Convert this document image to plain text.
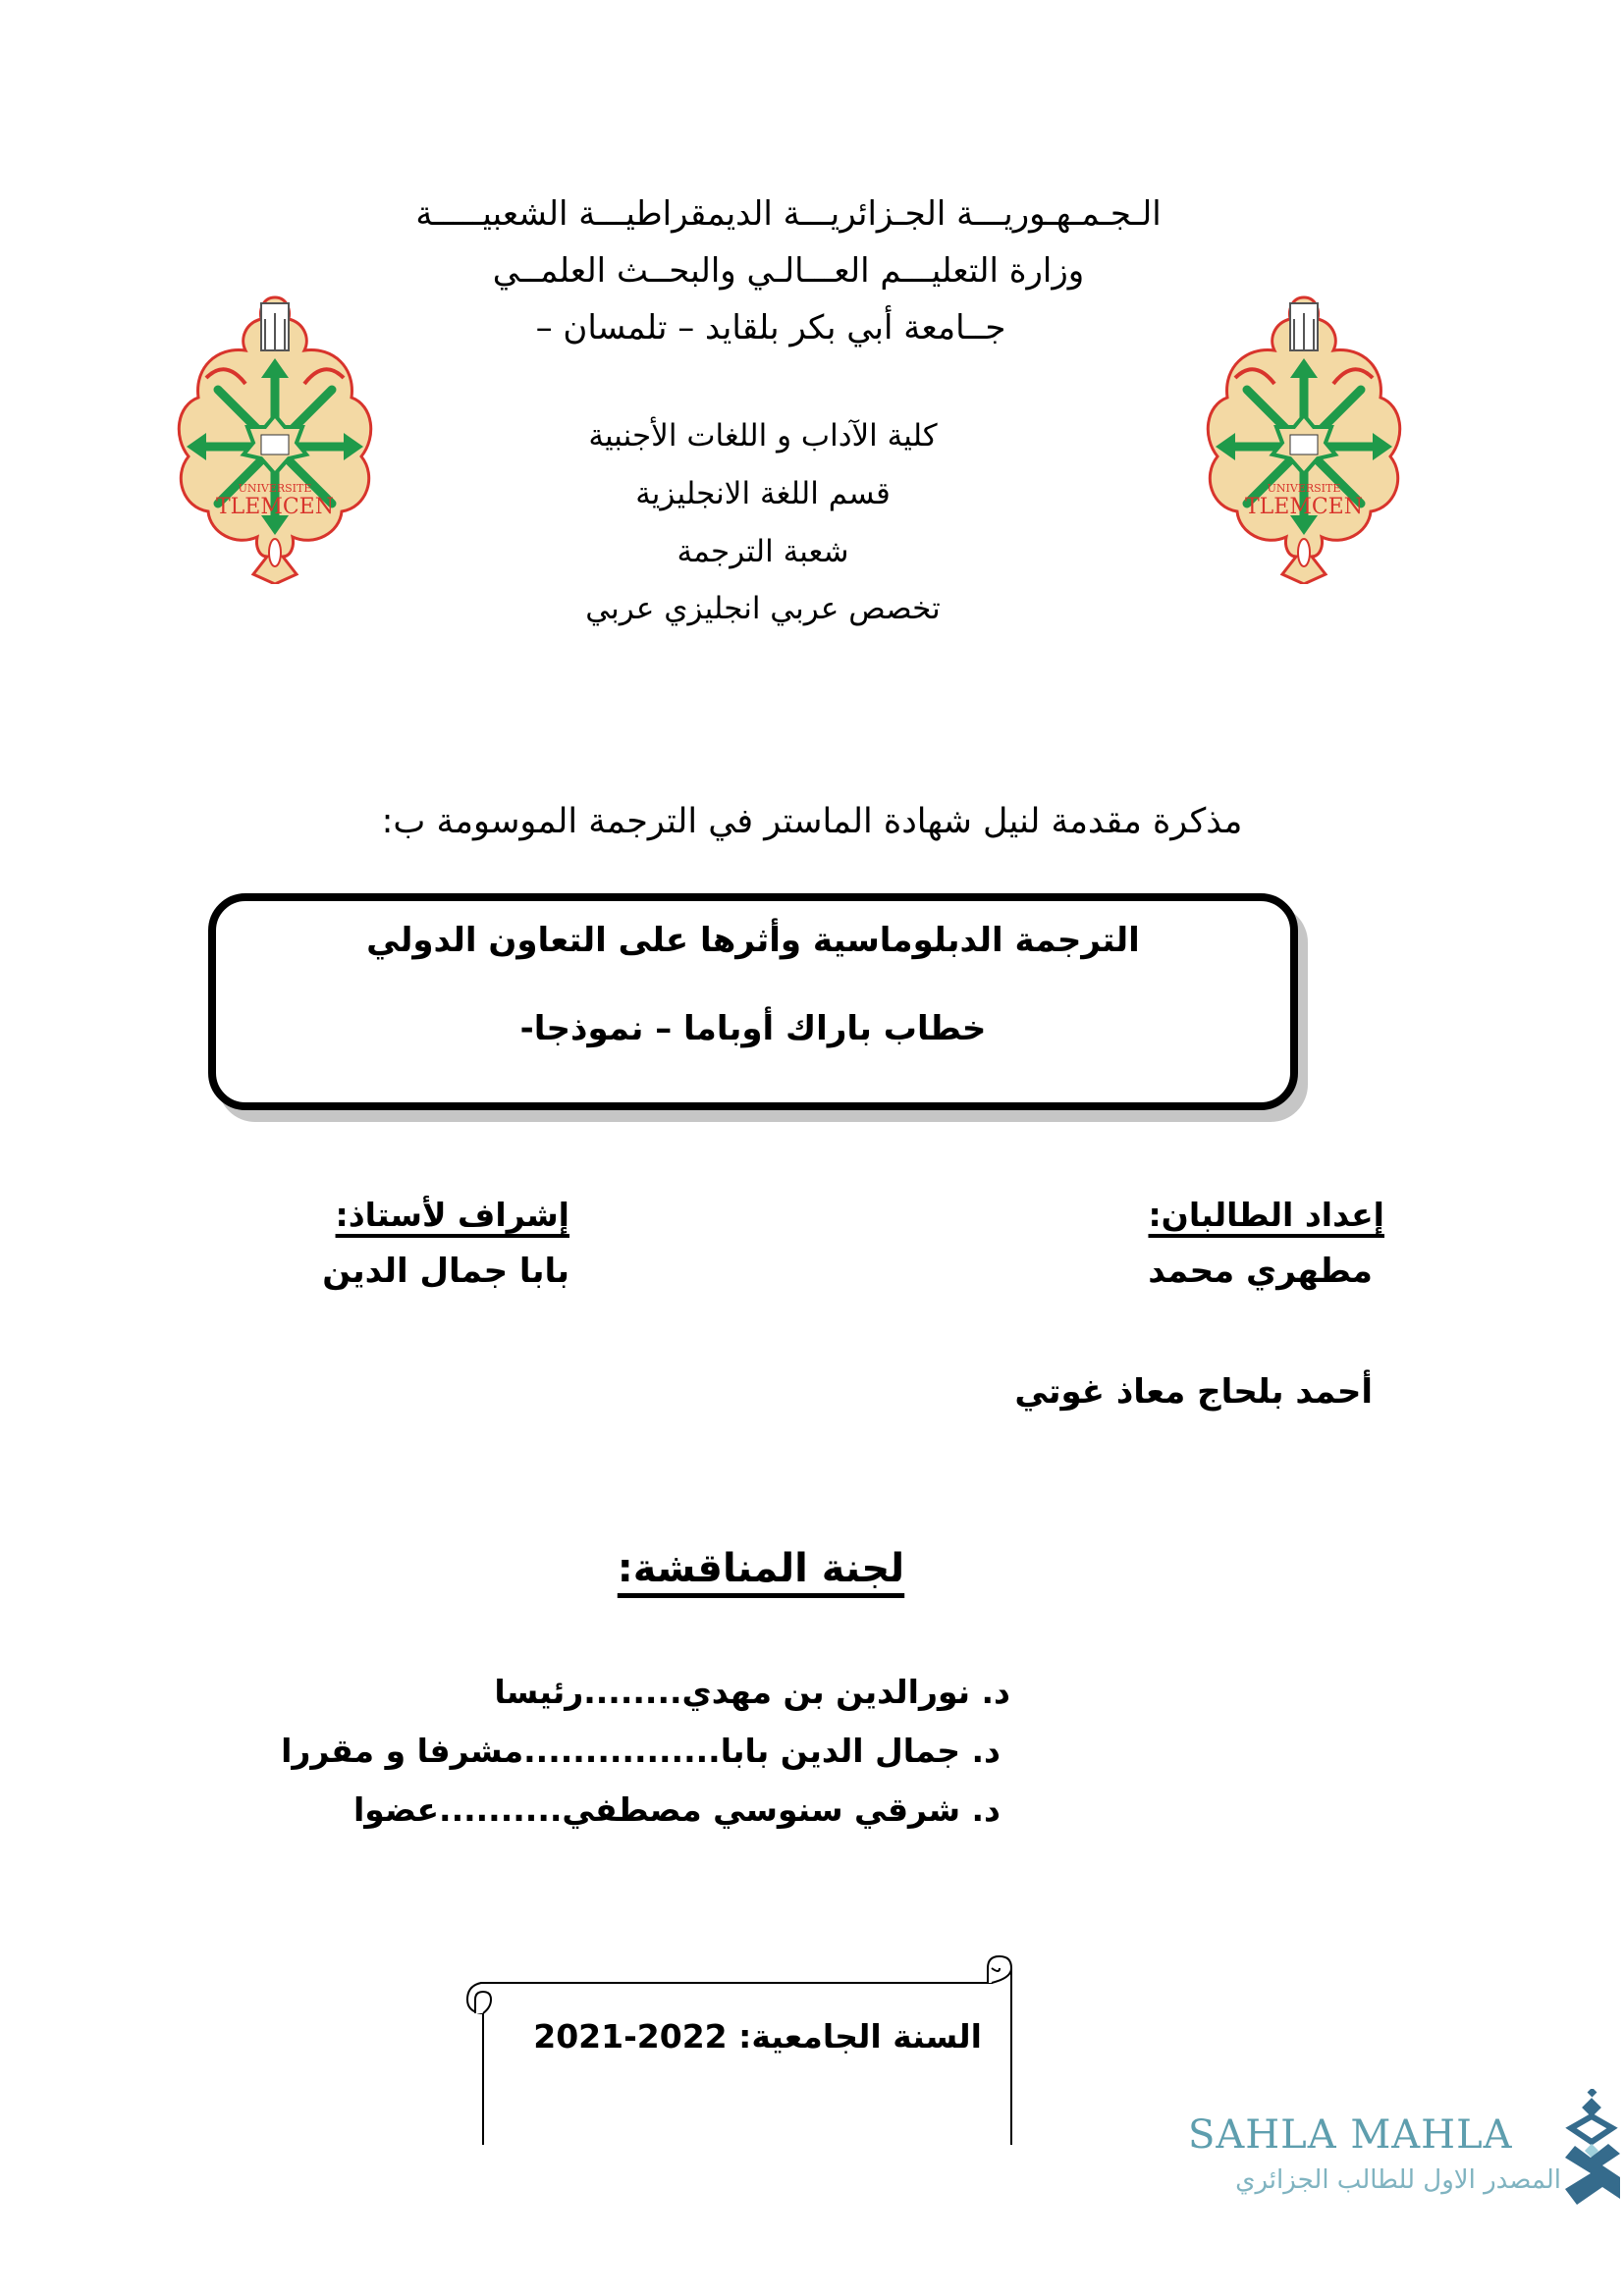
الـجـمـهـوريـــة الجـزائريـــة الديمقراطيـــة الشعبيـــــة
وزارة التعليـــم العـــالـي والبحــث العلمــي
جــامعة أبي بكر بلقايد – تلمسان –
UNIVERSITE
TLEMCEN
UNIVERSITE
TLEMCEN
كلية الآداب و اللغات الأجنبية
قسم اللغة الانجليزية
شعبة الترجمة
تخصص عربي انجليزي عربي
مذكرة مقدمة لنيل شهادة الماستر في الترجمة الموسومة ب:
الترجمة الدبلوماسية وأثرها على التعاون الدولي
خطاب باراك أوباما – نموذجا-
إعداد الطالبان:
مطهري محمد
أحمد بلحاج معاذ غوتي
إشراف لأستاذ:
بابا جمال الدين
لجنة المناقشة:
د. نورالدين بن مهدي........رئيسا
د. جمال الدين بابا................مشرفا و مقررا
د. شرقي سنوسي مصطفي..........عضوا
السنة الجامعية: 2021-2022
SAHLA MAHLA
المصدر الاول للطالب الجزائري
